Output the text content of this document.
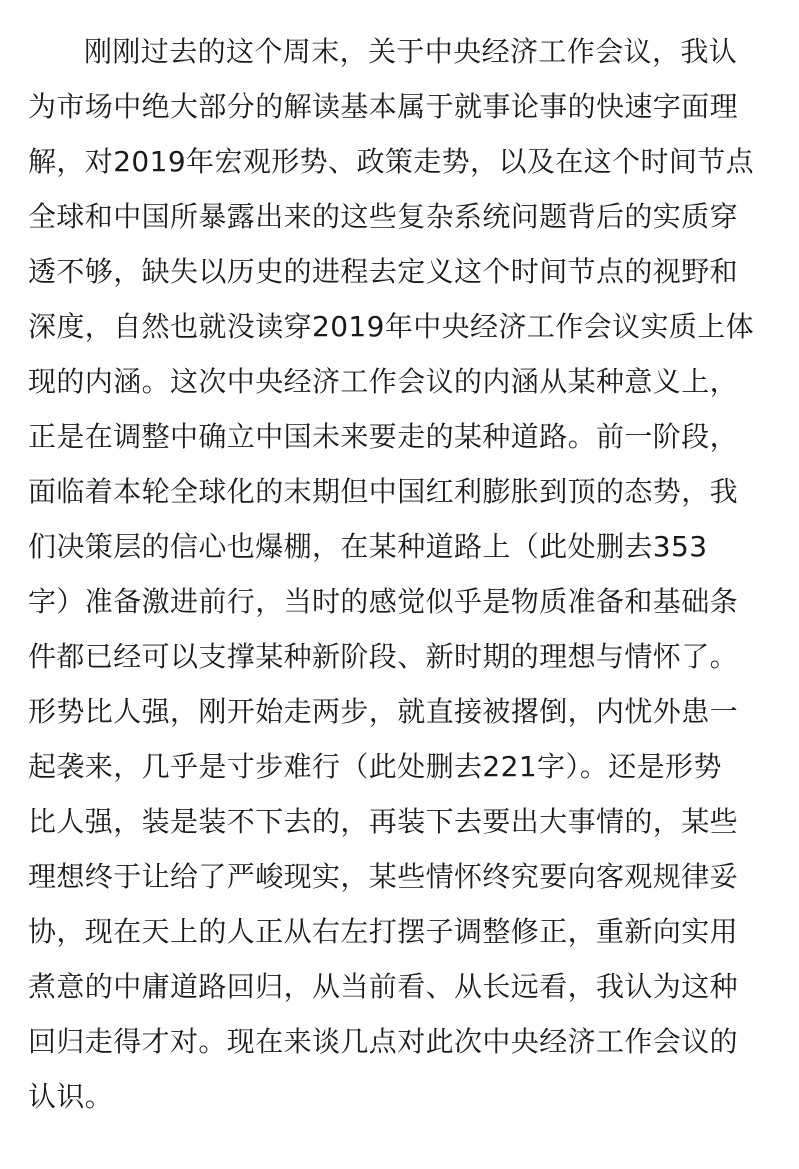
刚刚过去的这个周末，关于中央经济工作会议，我认
为市场中绝大部分的解读基本属于就事论事的快速字面理
解，对2019年宏观形势、政策走势，以及在这个时间节点
全球和中国所暴露出来的这些复杂系统问题背后的实质穿
透不够，缺失以历史的进程去定义这个时间节点的视野和
深度，自然也就没读穿2019年中央经济工作会议实质上体
现的内涵。这次中央经济工作会议的内涵从某种意义上，
正是在调整中确立中国未来要走的某种道路。前一阶段，
面临着本轮全球化的末期但中国红利膨胀到顶的态势，我
们决策层的信心也爆棚，在某种道路上（此处删去353
字）准备激进前行，当时的感觉似乎是物质准备和基础条
件都已经可以支撑某种新阶段、新时期的理想与情怀了。
形势比人强，刚开始走两步，就直接被撂倒，内忧外患一
起袭来，几乎是寸步难行（此处删去221字）。还是形势
比人强，装是装不下去的，再装下去要出大事情的，某些
理想终于让给了严峻现实，某些情怀终究要向客观规律妥
协，现在天上的人正从右左打摆子调整修正，重新向实用
煮意的中庸道路回归，从当前看、从长远看，我认为这种
回归走得才对。现在来谈几点对此次中央经济工作会议的
认识。
